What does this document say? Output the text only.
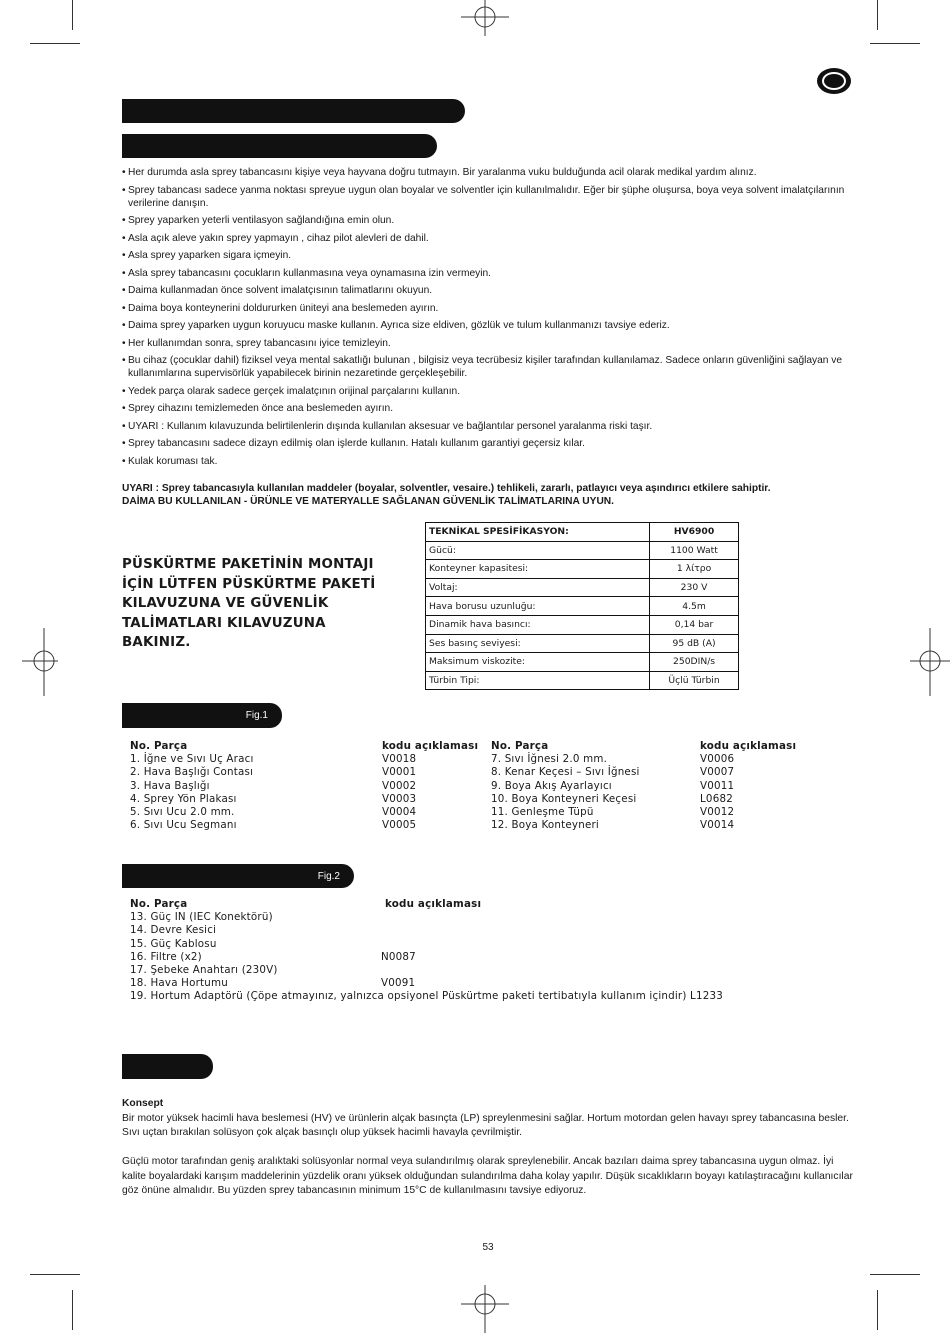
• Her durumda asla sprey tabancasını kişiye veya hayvana doğru tutmayın. Bir yaralanma vuku bulduğunda acil olarak medikal yardım alınız.
• Sprey tabancası sadece yanma noktası spreyue uygun olan boyalar ve solventler için kullanılmalıdır. Eğer bir şüphe oluşursa, boya veya solvent imalatçılarının verilerine danışın.
• Sprey yaparken yeterli ventilasyon sağlandığına emin olun.
• Asla açık aleve yakın sprey yapmayın , cihaz pilot alevleri de dahil.
• Asla sprey yaparken sigara içmeyin.
• Asla sprey tabancasını çocukların kullanmasına veya oynamasına izin vermeyin.
• Daima kullanmadan önce solvent imalatçısının talimatlarını okuyun.
• Daima boya konteynerini doldururken üniteyi ana beslemeden ayırın.
• Daima sprey yaparken uygun koruyucu maske kullanın. Ayrıca size eldiven, gözlük ve tulum kullanmanızı tavsiye ederiz.
• Her kullanımdan sonra, sprey tabancasını iyice temizleyin.
• Bu cihaz (çocuklar dahil) fiziksel veya mental sakatlığı bulunan , bilgisiz veya tecrübesiz kişiler tarafından kullanılamaz. Sadece onların güvenliğini sağlayan ve kullanımlarına supervisörlük yapabilecek birinin nezaretinde gerçekleşebilir.
• Yedek parça olarak sadece gerçek imalatçının orijinal parçalarını kullanın.
• Sprey cihazını temizlemeden önce ana beslemeden ayırın.
• UYARI : Kullanım kılavuzunda belirtilenlerin dışında kullanılan aksesuar ve bağlantılar personel yaralanma riski taşır.
• Sprey tabancasını sadece dizayn edilmiş olan işlerde kullanın. Hatalı kullanım garantiyi geçersiz kılar.
• Kulak koruması tak.
UYARI : Sprey tabancasıyla kullanılan maddeler (boyalar, solventler, vesaire.) tehlikeli, zararlı, patlayıcı veya aşındırıcı etkilere sahiptir.
DAİMA BU KULLANILAN - ÜRÜNLE VE MATERYALLE SAĞLANAN GÜVENLİK TALİMATLARINA UYUN.
PÜSKÜRTME PAKETİNİN MONTAJI İÇİN LÜTFEN PÜSKÜRTME PAKETİ KILAVUZUNA VE GÜVENLİK TALİMATLARI KILAVUZUNA BAKINIZ.
TEKNİKAL SPESİFİKASYON:	HV6900
Gücü:	1100 Watt
Konteyner kapasitesi:	1 λίτρο
Voltaj:	230 V
Hava borusu uzunluğu:	4.5m
Dinamik hava basıncı:	0,14 bar
Ses basınç seviyesi:	95 dB (A)
Maksimum viskozite:	250DIN/s
Türbin Tipi:	Üçlü Türbin
Fig.1
No. Parça	kodu açıklaması
1. İğne ve Sıvı Uç Aracı	V0018
2. Hava Başlığı Contası	V0001
3. Hava Başlığı	V0002
4. Sprey Yön Plakası	V0003
5. Sıvı Ucu 2.0 mm.	V0004
6. Sıvı Ucu Segmanı	V0005
No. Parça	kodu açıklaması
7. Sıvı İğnesi 2.0 mm.	V0006
8. Kenar Keçesi – Sıvı İğnesi	V0007
9. Boya Akış Ayarlayıcı	V0011
10. Boya Konteyneri Keçesi	L0682
11. Genleşme Tüpü	V0012
12. Boya Konteyneri	V0014
Fig.2
No. Parça	kodu açıklaması
13. Güç IN (IEC Konektörü)
14. Devre Kesici
15. Güç Kablosu
16. Filtre (x2)	N0087
17. Şebeke Anahtarı (230V)
18. Hava Hortumu	V0091
19. Hortum Adaptörü (Çöpe atmayınız, yalnızca opsiyonel Püskürtme paketi tertibatıyla kullanım içindir) L1233
Konsept

Bir motor yüksek hacimli hava beslemesi (HV) ve ürünlerin alçak basınçta (LP) spreylenmesini sağlar. Hortum motordan gelen havayı sprey tabancasına besler. Sıvı uçtan bırakılan solüsyon çok alçak basınçlı olup yüksek hacimli havayla çevrilmiştir.

Güçlü motor tarafından geniş aralıktaki solüsyonlar normal veya sulandırılmış olarak spreylenebilir. Ancak bazıları daima sprey tabancasına uygun olmaz. İyi kalite boyalardaki karışım maddelerinin yüzdelik oranı yüksek olduğundan sulandırılma daha kolay yapılır. Düşük sıcaklıkların boyayı katılaştıracağını kullanıcılar göz önüne almalıdır. Bu yüzden sprey tabancasının minimum 15°C de kullanılmasını tavsiye ediyoruz.

53
